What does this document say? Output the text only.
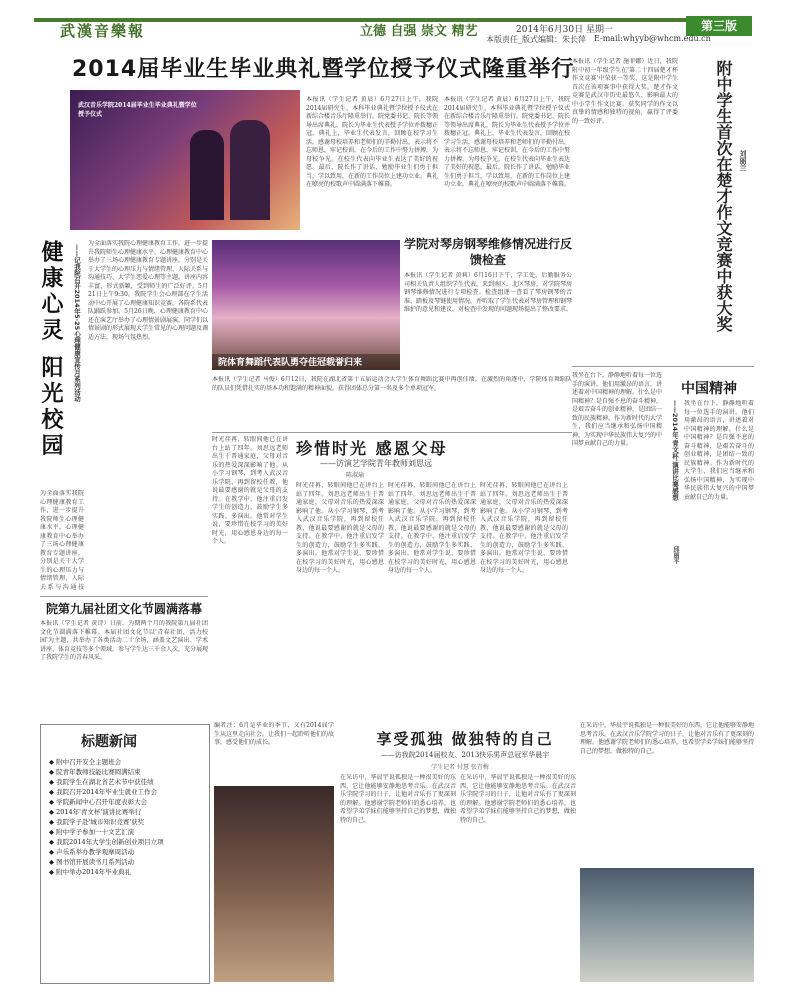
武漢音樂報	立德 自强 崇文 精艺	2014年6月30日 星期一	第三版
本版责任_版式编辑：朱长萍 E-mail:whyyb@whcm.edu.cn
2014届毕业生毕业典礼暨学位授予仪式隆重举行
武汉音乐学院2014届毕业生毕业典礼暨学位授予仪式
本报讯（学生记者 黄晨）6月27日上午，我院2014届研究生、本科毕业典礼暨学位授予仪式在新综合楼音乐厅隆重举行。院党委书记、院长等领导出席典礼，院长为毕业生代表授予学位并拨穗正冠。典礼上，毕业生代表发言，回顾在校学习生活，感谢母校培养和老师们的辛勤付出，表示将不忘师恩，牢记校训，在今后的工作中努力拼搏，为母校争光。在校生代表向毕业生表达了美好的祝愿。最后，院长作了讲话，勉励毕业生们勇于担当，学以致用，在新的工作岗位上建功立业。典礼在嘹亮的校歌声中圆满落下帷幕。
本报讯（学生记者 黄晨）6月27日上午，我院2014届研究生、本科毕业典礼暨学位授予仪式在新综合楼音乐厅隆重举行。院党委书记、院长等领导出席典礼，院长为毕业生代表授予学位并拨穗正冠。典礼上，毕业生代表发言，回顾在校学习生活，感谢母校培养和老师们的辛勤付出，表示将不忘师恩，牢记校训，在今后的工作中努力拼搏，为母校争光。在校生代表向毕业生表达了美好的祝愿。最后，院长作了讲话，勉励毕业生们勇于担当，学以致用，在新的工作岗位上建功立业。典礼在嘹亮的校歌声中圆满落下帷幕。
本报讯（学生记者 施菲娜）近日，我院附中初一年级学生在'第二十四届楚才杯作文竞赛'中荣获一等奖，这是附中学生首次在该项赛事中获得大奖。楚才作文竞赛是武汉市历史最悠久、影响最大的中小学生作文比赛。获奖同学的作文以真挚的情感和独特的视角，赢得了评委的一致好评。	附中学生首次在楚才作文竞赛中获大奖 刘丽兰
我坐在台下，静静地听着每一位选手的演讲。他们用激昂的语言，讲述着对中国精神的理解。什么是中国精神？是自强不息的奋斗精神，是艰苦奋斗的创业精神，是团结一致的民族精神。作为新时代的大学生，我们应当继承和弘扬中国精神，为实现中华民族伟大复兴的中国梦贡献自己的力量。
中国精神
——2014年'青文杯'演讲比赛感想 我坐在台下，静静地听着每一位选手的演讲。他们用激昂的语言，讲述着对中国精神的理解。什么是中国精神？是自强不息的奋斗精神，是艰苦奋斗的创业精神，是团结一致的民族精神。作为新时代的大学生，我们应当继承和弘扬中国精神，为实现中华民族伟大复兴的中国梦贡献自己的力量。
邱丽平
健康心灵 阳光校园	——记我院召开2014年5·25心理健康宣传月系列活动
为全面落实我院心理健康教育工作，进一步提升我院师生心理健康水平，心理健康教育中心举办了三场心理健康教育专题讲座，分别是关于大学生的心理压力与情绪管理、人际关系与沟通技巧、大学生恋爱心理等主题。讲座内容丰富，形式新颖，受到师生的广泛好评。5月21日上午9:30，我院学生会心理部在学生活动中心开展了心理健康知识竞赛，各院系代表队踊跃参加。5月26日晚，心理健康教育中心还在演艺厅举办了心理情景剧展演，同学们以情景剧的形式展现大学生常见的心理问题及调适方法，现场气氛热烈。
为全面落实我院心理健康教育工作，进一步提升我院师生心理健康水平，心理健康教育中心举办了三场心理健康教育专题讲座，分别是关于大学生的心理压力与情绪管理、人际关系与沟通技
学院对琴房钢琴维修情况进行反馈检查
本报讯（学生记者 黄莉）6月16日下午，学工处、后勤服务公司相关负责人组织学生代表，来到南区、北区琴房，对学院琴房钢琴维修情况进行专项检查。检查组逐一查看了琴房钢琴的音准、踏板及琴键使用情况，并听取了学生代表对琴房管理和钢琴维护的意见和建议，对检查中发现的问题现场提出了整改要求。
院体育舞蹈代表队勇夺佳冠载誉归来
本报讯（学生记者 马俊）6月12日，我院在湖北省第十五届运动会大学生体育舞蹈比赛中再创佳绩。在激烈的角逐中，学院体育舞蹈队的队员们凭借扎实的基本功和饱满的精神面貌，获得团体总分第一名及多个单项冠军。
珍惜时光 感恩父母
——访演艺学院青年教师刘思远
陈淑瑜
时光荏苒，转眼间他已在讲台上站了四年。刘思远老师出生于普通家庭，父母对音乐的热爱深深影响了他。从小学习钢琴，到考入武汉音乐学院，再到留校任教，他说最要感谢的就是父母的支持。在教学中，他注重启发学生的创造力，鼓励学生多实践、多演出。他常对学生说，要珍惜在校学习的美好时光，用心感恩身边的每一个人。
时光荏苒，转眼间他已在讲台上站了四年。刘思远老师出生于普通家庭，父母对音乐的热爱深深影响了他。从小学习钢琴，到考入武汉音乐学院，再到留校任教，他说最要感谢的就是父母的支持。在教学中，他注重启发学生的创造力，鼓励学生多实践、多演出。他常对学生说，要珍惜在校学习的美好时光，用心感恩身边的每一个人。
时光荏苒，转眼间他已在讲台上站了四年。刘思远老师出生于普通家庭，父母对音乐的热爱深深影响了他。从小学习钢琴，到考入武汉音乐学院，再到留校任教，他说最要感谢的就是父母的支持。在教学中，他注重启发学生的创造力，鼓励学生多实践、多演出。他常对学生说，要珍惜在校学习的美好时光，用心感恩身边的每一个人。
时光荏苒，转眼间他已在讲台上站了四年。刘思远老师出生于普通家庭，父母对音乐的热爱深深影响了他。从小学习钢琴，到考入武汉音乐学院，再到留校任教，他说最要感谢的就是父母的支持。在教学中，他注重启发学生的创造力，鼓励学生多实践、多演出。他常对学生说，要珍惜在校学习的美好时光，用心感恩身边的每一个人。
院第九届社团文化节圆满落幕
本报讯（学生记者 黄诗）日前，为期两个月的我院第九届社团文化节圆满落下帷幕。本届社团文化节以'青春社团，活力校园'为主题，共举办了各类活动二十余场，涵盖文艺演出、学术讲座、体育竞技等多个领域，参与学生达三千余人次，充分展现了我院学生的青春风采。
标题新闻
◆ 附中召开安全主题班会
◆ 院青年教师技能比赛圆满结束
◆ 我院学生在湖北省艺术节中获佳绩
◆ 我院召开2014年毕业生就业工作会
◆ 学院新闻中心召开年度表彰大会
◆ 2014年'青文杯'演讲比赛举行
◆ 我院学子赴'城市知识竞赛'获奖
◆ 附中学子参加一十文艺汇演
◆ 我院2014年大学生创新创业项目立项
◆ 声乐系举办教学观摩周活动
◆ 图书馆开展读书月系列活动
◆ 附中举办2014年毕业典礼
编者注：6月是毕业的季节，又有2014届学生从这里走向社会。让我们一起聆听他们的故事，感受他们的成长。	享受孤独 做独特的自己
——访我院2014届校友、2013快乐男声总冠军华晨宇
学生记者 付慧 张青梅
在采访中，华晨宇说孤独是一种很美好的东西，它让他能够安静地思考音乐。在武汉音乐学院学习的日子，让他对音乐有了更深刻的理解。他感谢学院老师们的悉心培养，也希望学弟学妹们能够坚持自己的梦想，做独特的自己。
在采访中，华晨宇说孤独是一种很美好的东西，它让他能够安静地思考音乐。在武汉音乐学院学习的日子，让他对音乐有了更深刻的理解。他感谢学院老师们的悉心培养，也希望学弟学妹们能够坚持自己的梦想，做独特的自己。
在采访中，华晨宇说孤独是一种很美好的东西，它让他能够安静地思考音乐。在武汉音乐学院学习的日子，让他对音乐有了更深刻的理解。他感谢学院老师们的悉心培养，也希望学弟学妹们能够坚持自己的梦想，做独特的自己。
